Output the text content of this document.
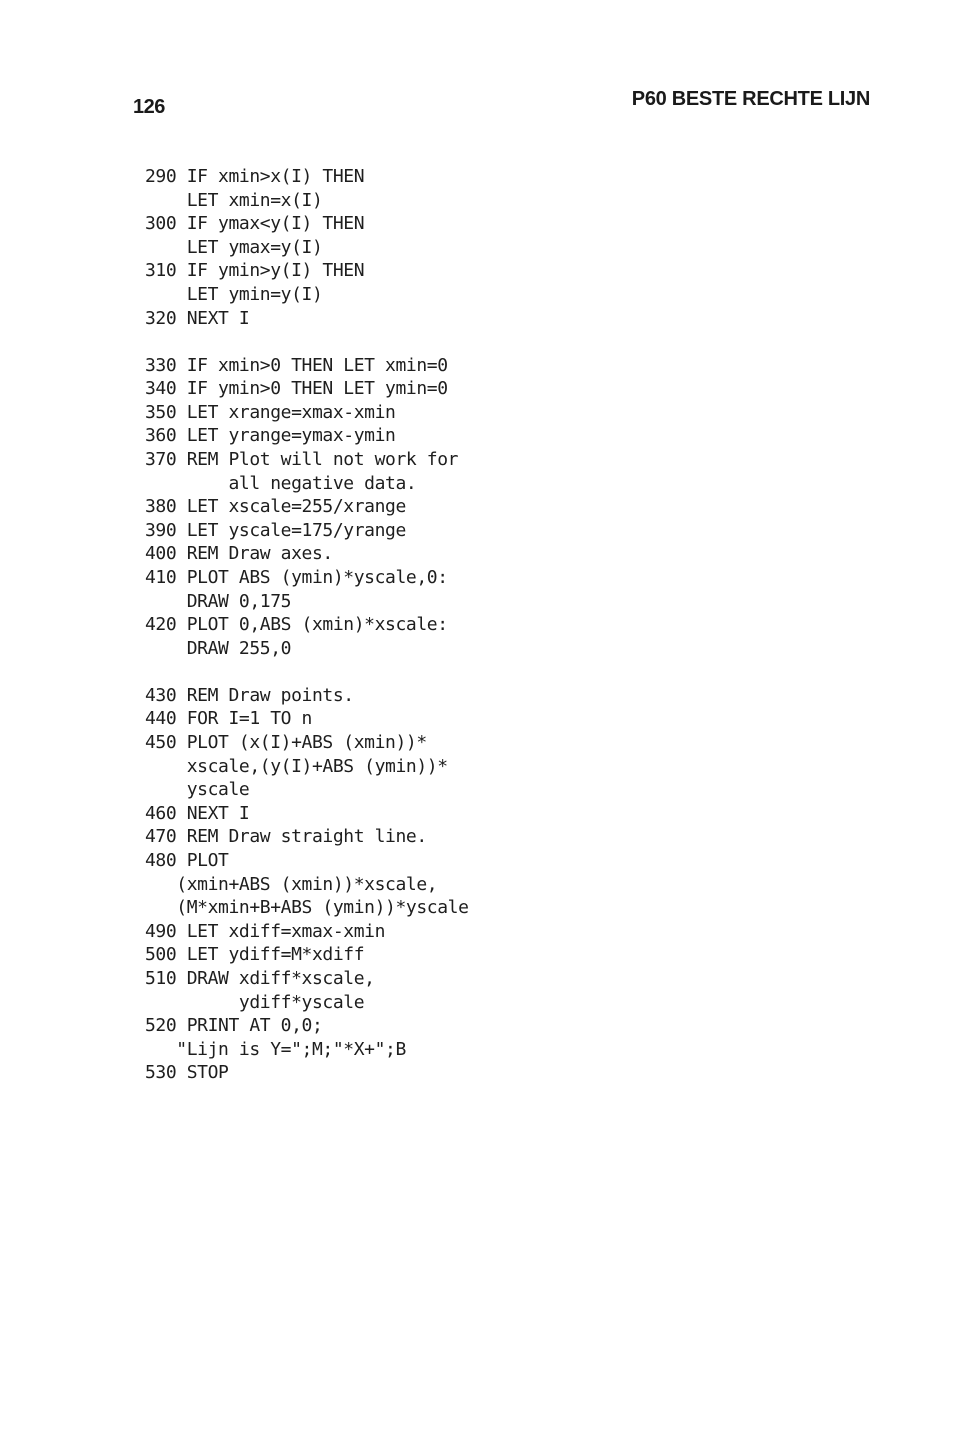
126	P60 BESTE RECHTE LIJN
290 IF xmin>x(I) THEN
LET xmin=x(I)
300 IF ymax<y(I) THEN
LET ymax=y(I)
310 IF ymin>y(I) THEN
LET ymin=y(I)
320 NEXT I
330 IF xmin>0 THEN LET xmin=0
340 IF ymin>0 THEN LET ymin=0
350 LET xrange=xmax-xmin
360 LET yrange=ymax-ymin
370 REM Plot will not work for
all negative data.
380 LET xscale=255/xrange
390 LET yscale=175/yrange
400 REM Draw axes.
410 PLOT ABS (ymin)*yscale,0:
DRAW 0,175
420 PLOT 0,ABS (xmin)*xscale:
DRAW 255,0
430 REM Draw points.
440 FOR I=1 TO n
450 PLOT (x(I)+ABS (xmin))*
xscale,(y(I)+ABS (ymin))*
yscale
460 NEXT I
470 REM Draw straight line.
480 PLOT
(xmin+ABS (xmin))*xscale,
(M*xmin+B+ABS (ymin))*yscale
490 LET xdiff=xmax-xmin
500 LET ydiff=M*xdiff
510 DRAW xdiff*xscale,
ydiff*yscale
520 PRINT AT 0,0;
"Lijn is Y=";M;"*X+";B
530 STOP
